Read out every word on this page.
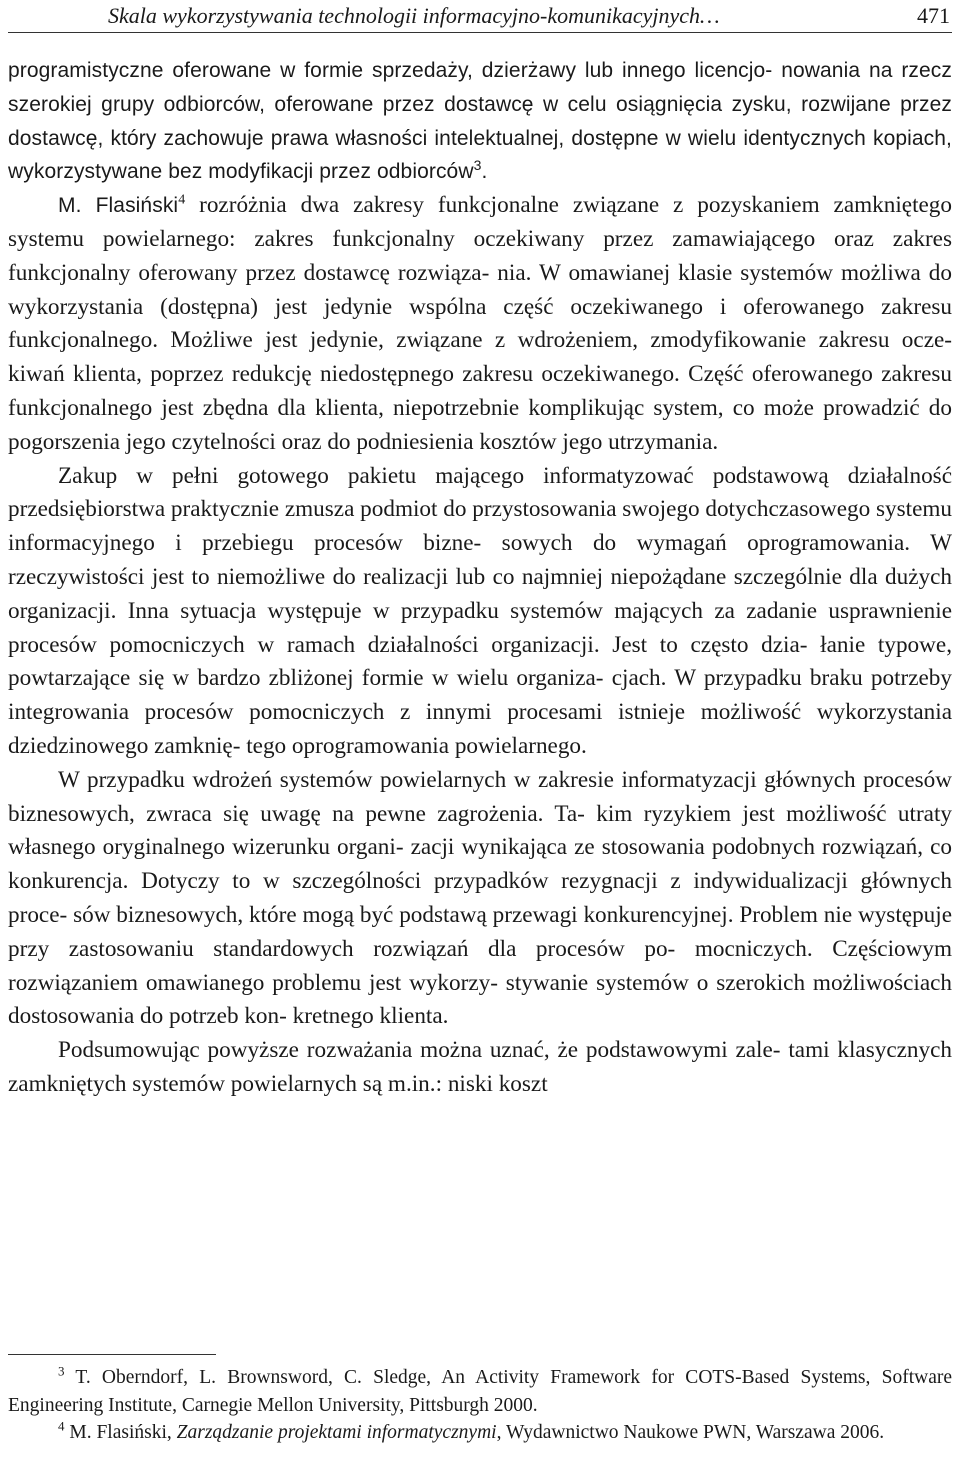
Skala wykorzystywania technologii informacyjno-komunikacyjnych…	471

programistyczne oferowane w formie sprzedaży, dzierżawy lub innego licencjo- nowania na rzecz szerokiej grupy odbiorców, oferowane przez dostawcę w celu osiągnięcia zysku, rozwijane przez dostawcę, który zachowuje prawa własności intelektualnej, dostępne w wielu identycznych kopiach, wykorzystywane bez modyfikacji przez odbiorców$^3$.

M. Flasiński$^4$ rozróżnia dwa zakresy funkcjonalne związane z pozyskaniem zamkniętego systemu powielarnego: zakres funkcjonalny oczekiwany przez zamawiającego oraz zakres funkcjonalny oferowany przez dostawcę rozwiąza- nia. W omawianej klasie systemów możliwa do wykorzystania (dostępna) jest jedynie wspólna część oczekiwanego i oferowanego zakresu funkcjonalnego. Możliwe jest jedynie, związane z wdrożeniem, zmodyfikowanie zakresu ocze- kiwań klienta, poprzez redukcję niedostępnego zakresu oczekiwanego. Część oferowanego zakresu funkcjonalnego jest zbędna dla klienta, niepotrzebnie komplikując system, co może prowadzić do pogorszenia jego czytelności oraz do podniesienia kosztów jego utrzymania.

Zakup w pełni gotowego pakietu mającego informatyzować podstawową działalność przedsiębiorstwa praktycznie zmusza podmiot do przystosowania swojego dotychczasowego systemu informacyjnego i przebiegu procesów bizne- sowych do wymagań oprogramowania. W rzeczywistości jest to niemożliwe do realizacji lub co najmniej niepożądane szczególnie dla dużych organizacji. Inna sytuacja występuje w przypadku systemów mających za zadanie usprawnienie procesów pomocniczych w ramach działalności organizacji. Jest to często dzia- łanie typowe, powtarzające się w bardzo zbliżonej formie w wielu organiza- cjach. W przypadku braku potrzeby integrowania procesów pomocniczych z innymi procesami istnieje możliwość wykorzystania dziedzinowego zamknię- tego oprogramowania powielarnego.

W przypadku wdrożeń systemów powielarnych w zakresie informatyzacji głównych procesów biznesowych, zwraca się uwagę na pewne zagrożenia. Ta- kim ryzykiem jest możliwość utraty własnego oryginalnego wizerunku organi- zacji wynikająca ze stosowania podobnych rozwiązań, co konkurencja. Dotyczy to w szczególności przypadków rezygnacji z indywidualizacji głównych proce- sów biznesowych, które mogą być podstawą przewagi konkurencyjnej. Problem nie występuje przy zastosowaniu standardowych rozwiązań dla procesów po- mocniczych. Częściowym rozwiązaniem omawianego problemu jest wykorzy- stywanie systemów o szerokich możliwościach dostosowania do potrzeb kon- kretnego klienta.

Podsumowując powyższe rozważania można uznać, że podstawowymi zale- tami klasycznych zamkniętych systemów powielarnych są m.in.: niski koszt

$^3$ T. Oberndorf, L. Brownsword, C. Sledge, An Activity Framework for COTS-Based Systems, Software Engineering Institute, Carnegie Mellon University, Pittsburgh 2000.

$^4$ M. Flasiński, Zarządzanie projektami informatycznymi, Wydawnictwo Naukowe PWN, Warszawa 2006.
